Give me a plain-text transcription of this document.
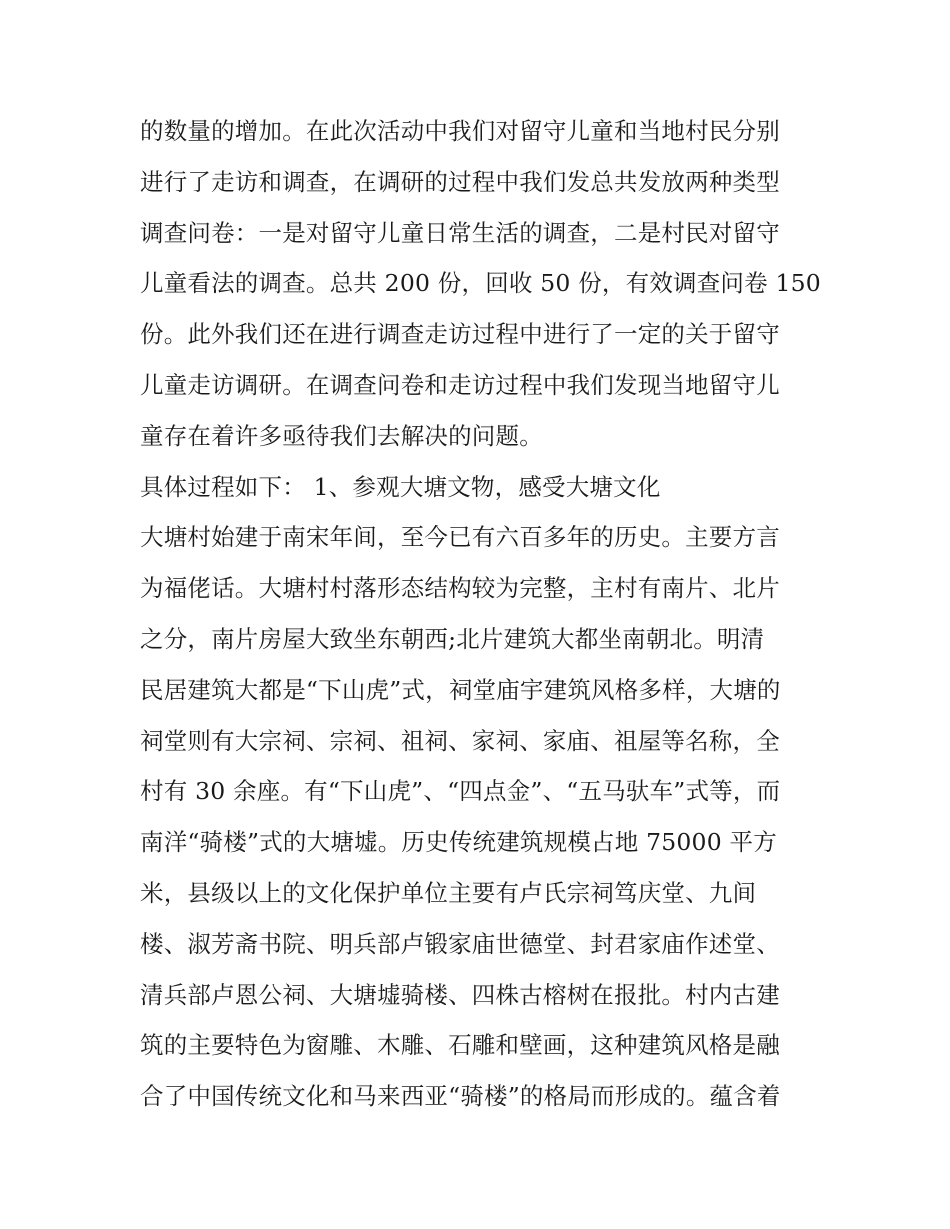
的数量的增加。在此次活动中我们对留守儿童和当地村民分别
进行了走访和调查，在调研的过程中我们发总共发放两种类型
调查问卷：一是对留守儿童日常生活的调查，二是村民对留守
儿童看法的调查。总共 200 份，回收 50 份，有效调查问卷 150
份。此外我们还在进行调查走访过程中进行了一定的关于留守
儿童走访调研。在调查问卷和走访过程中我们发现当地留守儿
童存在着许多亟待我们去解决的问题。
具体过程如下： 1、参观大塘文物，感受大塘文化
大塘村始建于南宋年间，至今已有六百多年的历史。主要方言
为福佬话。大塘村村落形态结构较为完整，主村有南片、北片
之分，南片房屋大致坐东朝西;北片建筑大都坐南朝北。明清
民居建筑大都是“下山虎”式，祠堂庙宇建筑风格多样，大塘的
祠堂则有大宗祠、宗祠、祖祠、家祠、家庙、祖屋等名称，全
村有 30 余座。有“下山虎”、“四点金”、“五马驮车”式等，而
南洋“骑楼”式的大塘墟。历史传统建筑规模占地 75000 平方
米，县级以上的文化保护单位主要有卢氏宗祠笃庆堂、九间
楼、淑芳斋书院、明兵部卢锻家庙世德堂、封君家庙作述堂、
清兵部卢恩公祠、大塘墟骑楼、四株古榕树在报批。村内古建
筑的主要特色为窗雕、木雕、石雕和壁画，这种建筑风格是融
合了中国传统文化和马来西亚“骑楼”的格局而形成的。蕴含着
